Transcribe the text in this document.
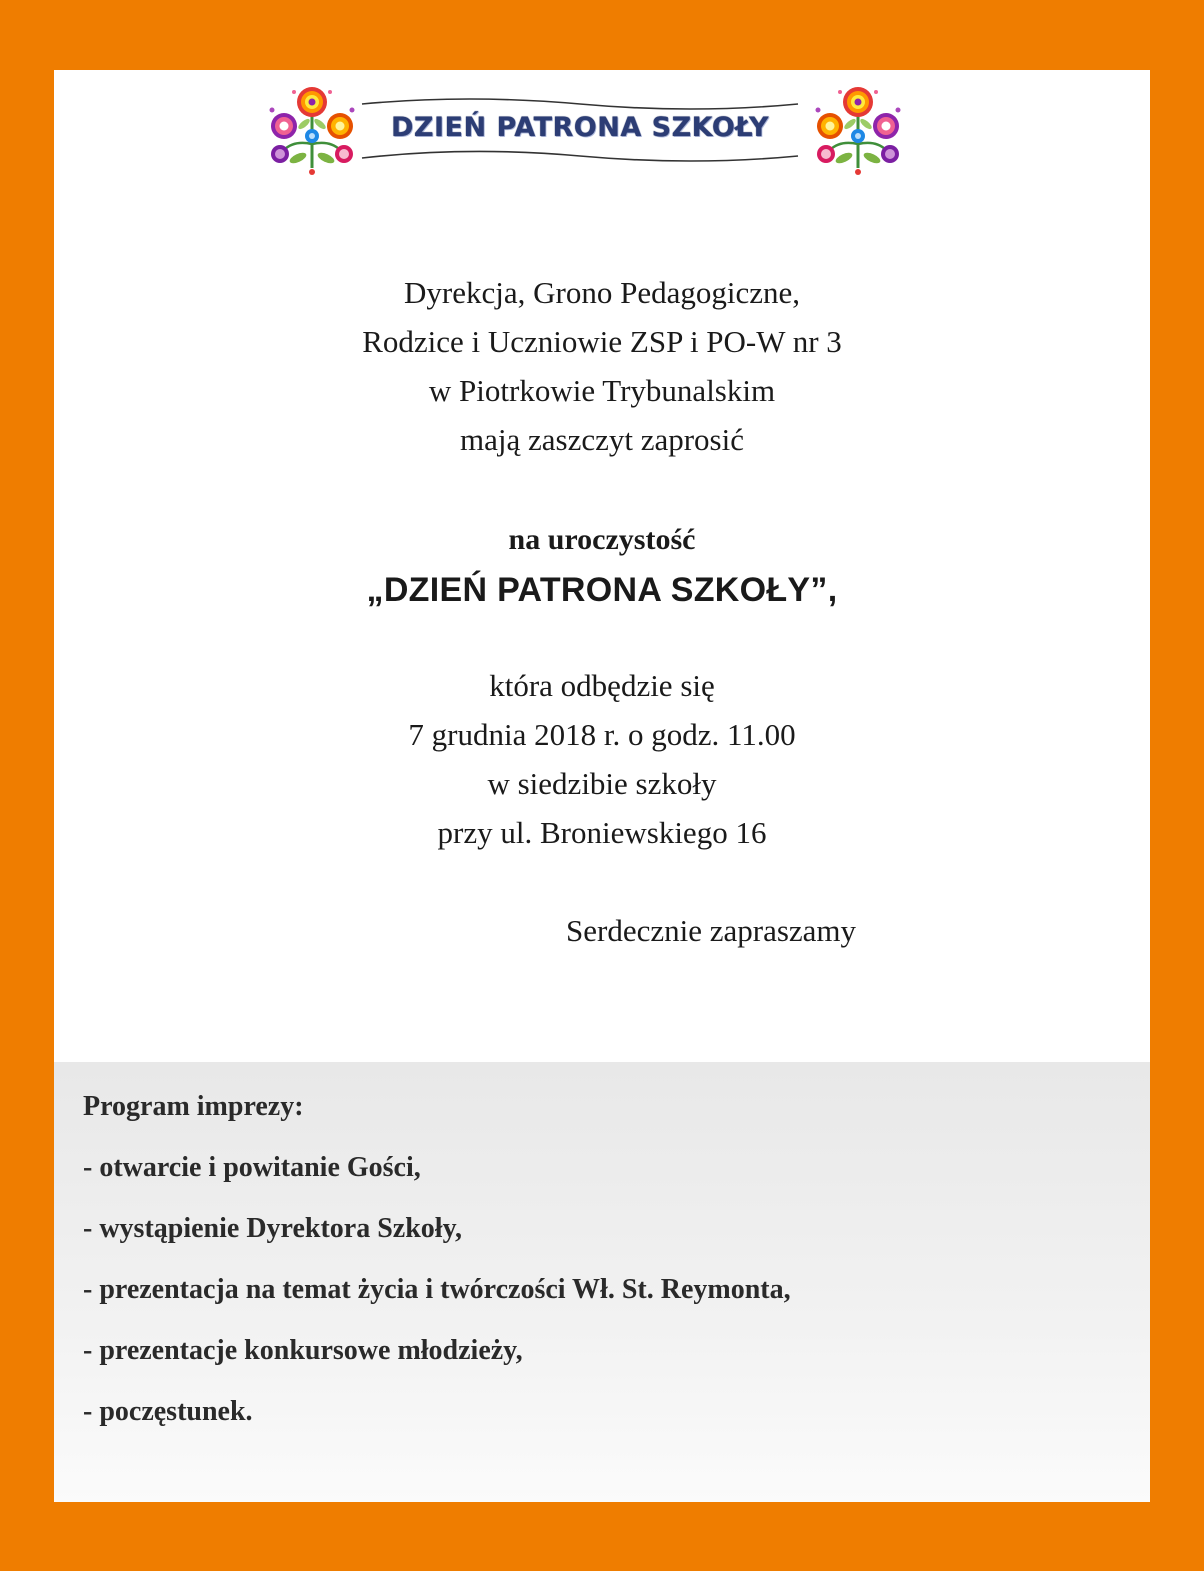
DZIEŃ PATRONA SZKOŁY
Dyrekcja, Grono Pedagogiczne,
Rodzice i Uczniowie ZSP i PO-W nr 3
w Piotrkowie Trybunalskim
mają zaszczyt zaprosić
na uroczystość
„DZIEŃ PATRONA SZKOŁY”,
która odbędzie się
7 grudnia 2018 r. o godz. 11.00
w siedzibie szkoły
przy ul. Broniewskiego 16
Serdecznie zapraszamy
Program imprezy:
- otwarcie i powitanie Gości,
- wystąpienie Dyrektora Szkoły,
- prezentacja na temat życia i twórczości Wł. St. Reymonta,
- prezentacje konkursowe młodzieży,
- poczęstunek.
